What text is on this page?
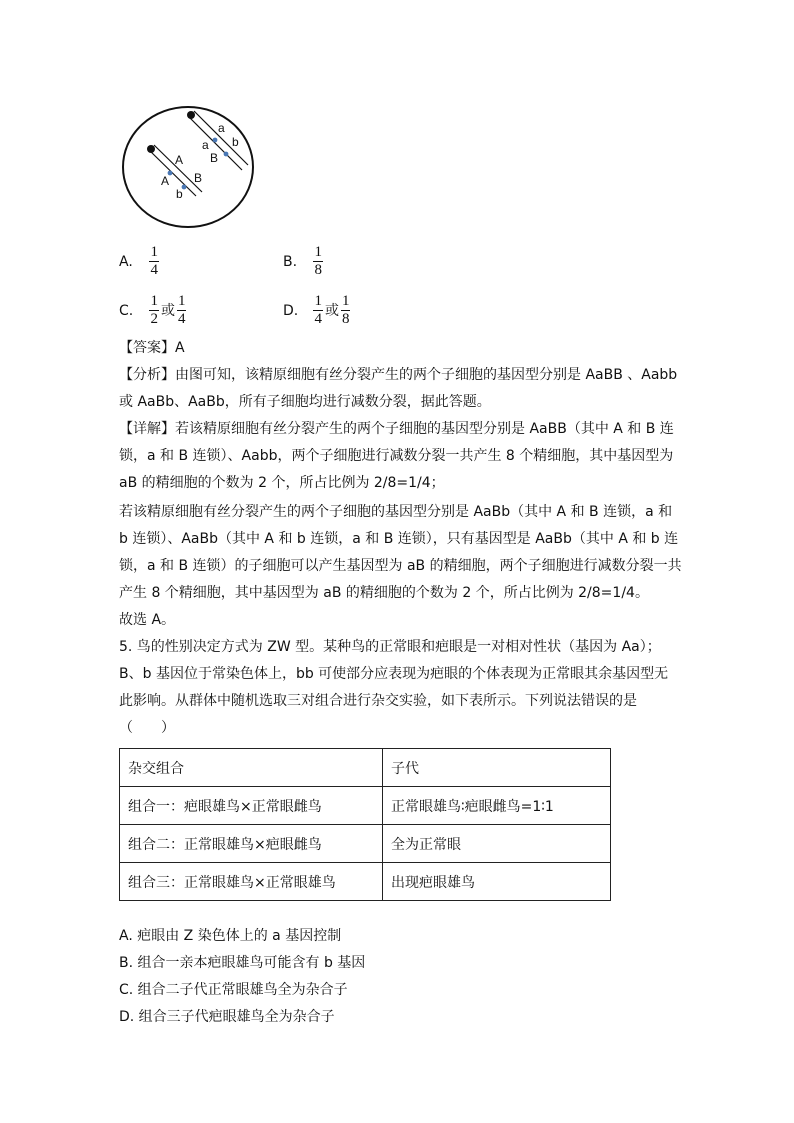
A
A B
b
a
a
B
b
A. $\frac{1}{4}$	B. $\frac{1}{8}$
C. $\frac{1}{2}$ 或 $\frac{1}{4}$	D. $\frac{1}{4}$ 或 $\frac{1}{8}$
【答案】A
【分析】由图可知，该精原细胞有丝分裂产生的两个子细胞的基因型分别是 AaBB 、Aabb
或 AaBb、AaBb，所有子细胞均进行减数分裂，据此答题。
【详解】若该精原细胞有丝分裂产生的两个子细胞的基因型分别是 AaBB（其中 A 和 B 连
锁，a 和 B 连锁）、Aabb，两个子细胞进行减数分裂一共产生 8 个精细胞，其中基因型为
aB 的精细胞的个数为 2 个，所占比例为 2/8=1/4；
若该精原细胞有丝分裂产生的两个子细胞的基因型分别是 AaBb（其中 A 和 B 连锁，a 和
b 连锁）、AaBb（其中 A 和 b 连锁，a 和 B 连锁），只有基因型是 AaBb（其中 A 和 b 连
锁，a 和 B 连锁）的子细胞可以产生基因型为 aB 的精细胞，两个子细胞进行减数分裂一共
产生 8 个精细胞，其中基因型为 aB 的精细胞的个数为 2 个，所占比例为 2/8=1/4。
故选 A。
5. 鸟的性别决定方式为 ZW 型。某种鸟的正常眼和疤眼是一对相对性状（基因为 Aa）；
B、b 基因位于常染色体上，bb 可使部分应表现为疤眼的个体表现为正常眼其余基因型无
此影响。从群体中随机选取三对组合进行杂交实验，如下表所示。下列说法错误的是
（　　）
杂交组合	子代
组合一：疤眼雄鸟×正常眼雌鸟	正常眼雄鸟∶疤眼雌鸟=1∶1
组合二：正常眼雄鸟×疤眼雌鸟	全为正常眼
组合三：正常眼雄鸟×正常眼雄鸟	出现疤眼雄鸟
A. 疤眼由 Z 染色体上的 a 基因控制
B. 组合一亲本疤眼雄鸟可能含有 b 基因
C. 组合二子代正常眼雄鸟全为杂合子
D. 组合三子代疤眼雄鸟全为杂合子
